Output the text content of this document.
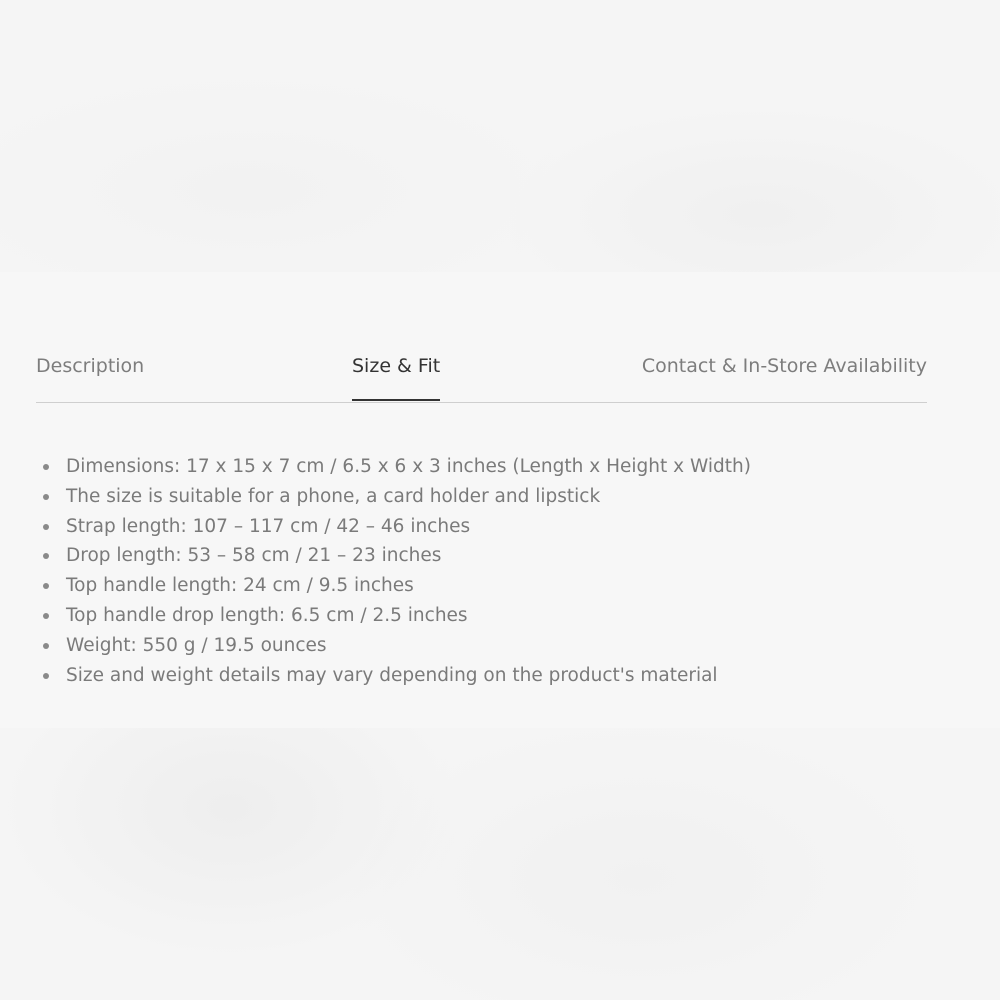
Description	Size & Fit	Contact & In-Store Availability
Dimensions: 17 x 15 x 7 cm / 6.5 x 6 x 3 inches (Length x Height x Width)
The size is suitable for a phone, a card holder and lipstick
Strap length: 107 – 117 cm / 42 – 46 inches
Drop length: 53 – 58 cm / 21 – 23 inches
Top handle length: 24 cm / 9.5 inches
Top handle drop length: 6.5 cm / 2.5 inches
Weight: 550 g / 19.5 ounces
Size and weight details may vary depending on the product's material
